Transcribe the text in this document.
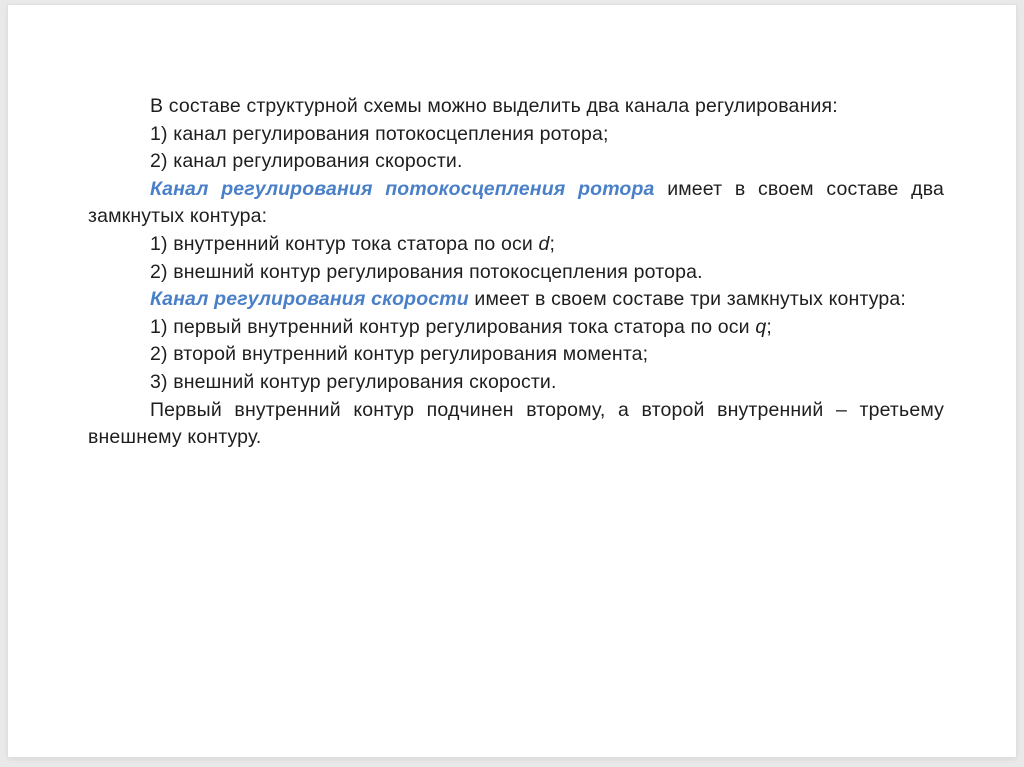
В составе структурной схемы можно выделить два канала регулирования:

1) канал регулирования потокосцепления ротора;

2) канал регулирования скорости.

Канал регулирования потокосцепления ротора имеет в своем составе два замкнутых контура:

1) внутренний контур тока статора по оси d;

2) внешний контур регулирования потокосцепления ротора.

Канал регулирования скорости имеет в своем составе три замкнутых контура:

1) первый внутренний контур регулирования тока статора по оси q;

2) второй внутренний контур регулирования момента;

3) внешний контур регулирования скорости.

Первый внутренний контур подчинен второму, а второй внутренний – третьему внешнему контуру.
